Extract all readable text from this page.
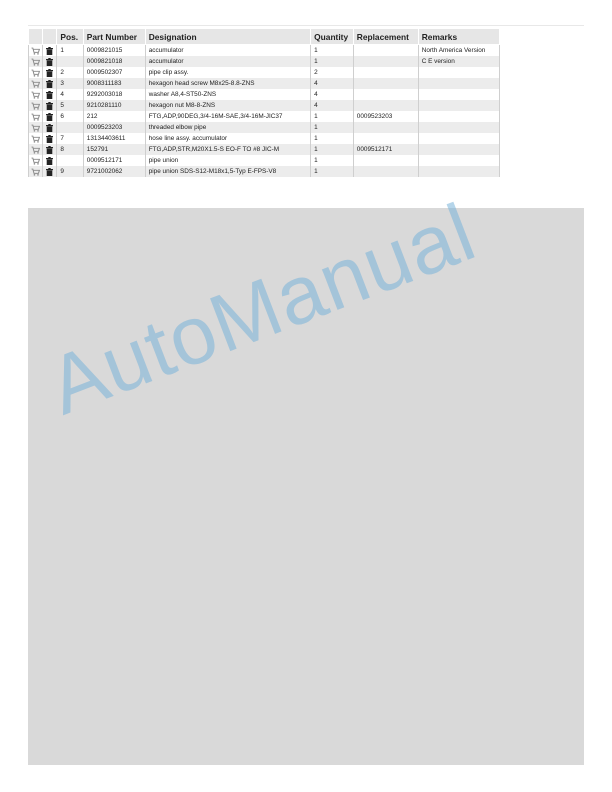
		Pos.	Part Number	Designation	Quantity	Replacement	Remarks
		1	0009821015	accumulator	1		North America Version
			0009821018	accumulator	1		C E version
		2	0009502307	pipe clip assy.	2		
		3	9008311183	hexagon head screw M8x25-8.8-ZNS	4		
		4	9292003018	washer A8,4-ST50-ZNS	4		
		5	9210281110	hexagon nut M8-8-ZNS	4		
		6	212	FTG,ADP,90DEG,3/4-16M-SAE,3/4-16M-JIC37	1	0009523203	
			0009523203	threaded elbow pipe	1		
		7	13134403611	hose line assy. accumulator	1		
		8	152791	FTG,ADP,STR,M20X1.5-S EO-F TO #8 JIC-M	1	0009512171	
			0009512171	pipe union	1		
		9	9721002062	pipe union SDS-S12-M18x1,5-Typ E-FPS-V8	1		
AutoManual
